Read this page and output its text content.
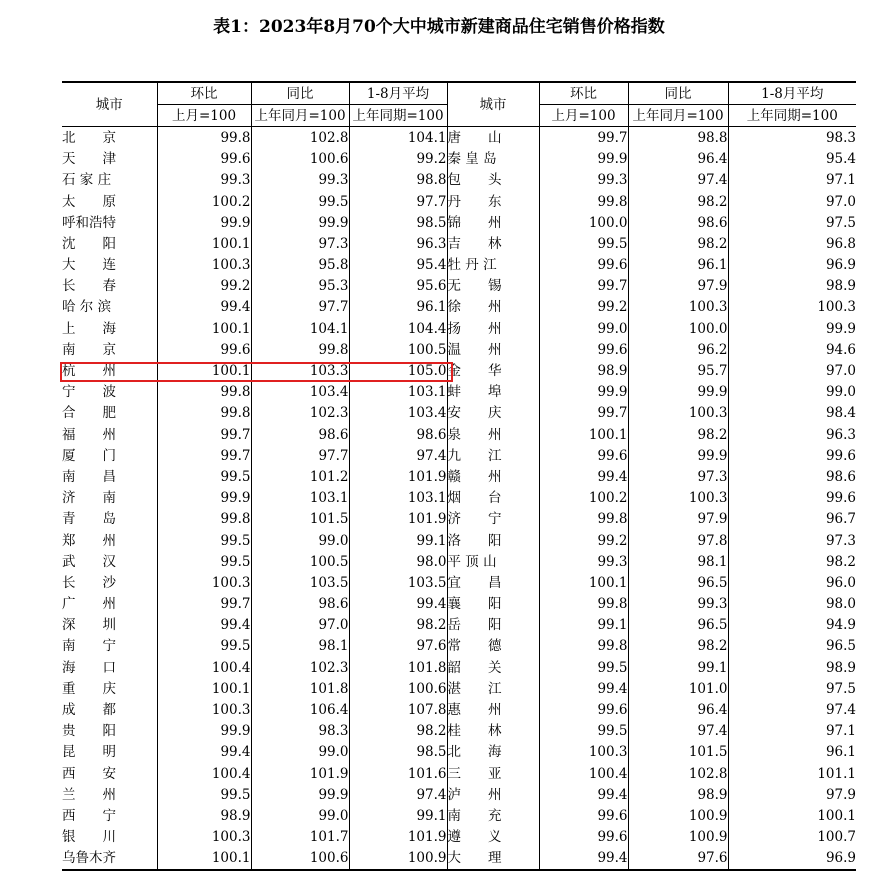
表1：2023年8月70个大中城市新建商品住宅销售价格指数
城市	环比	同比	1-8月平均	城市	环比	同比	1-8月平均
	上月=100	上年同月=100	上年同期=100		上月=100	上年同月=100	上年同期=100
北　　京	99.8	102.8	104.1	唐　　山	99.7	98.8	98.3
天　　津	99.6	100.6	99.2	秦 皇 岛	99.9	96.4	95.4
石 家 庄	99.3	99.3	98.8	包　　头	99.3	97.4	97.1
太　　原	100.2	99.5	97.7	丹　　东	99.8	98.2	97.0
呼和浩特	99.9	99.9	98.5	锦　　州	100.0	98.6	97.5
沈　　阳	100.1	97.3	96.3	吉　　林	99.5	98.2	96.8
大　　连	100.3	95.8	95.4	牡 丹 江	99.6	96.1	96.9
长　　春	99.2	95.3	95.6	无　　锡	99.7	97.9	98.9
哈 尔 滨	99.4	97.7	96.1	徐　　州	99.2	100.3	100.3
上　　海	100.1	104.1	104.4	扬　　州	99.0	100.0	99.9
南　　京	99.6	99.8	100.5	温　　州	99.6	96.2	94.6
杭　　州	100.1	103.3	105.0	金　　华	98.9	95.7	97.0
宁　　波	99.8	103.4	103.1	蚌　　埠	99.9	99.9	99.0
合　　肥	99.8	102.3	103.4	安　　庆	99.7	100.3	98.4
福　　州	99.7	98.6	98.6	泉　　州	100.1	98.2	96.3
厦　　门	99.7	97.7	97.4	九　　江	99.6	99.9	99.6
南　　昌	99.5	101.2	101.9	赣　　州	99.4	97.3	98.6
济　　南	99.9	103.1	103.1	烟　　台	100.2	100.3	99.6
青　　岛	99.8	101.5	101.9	济　　宁	99.8	97.9	96.7
郑　　州	99.5	99.0	99.1	洛　　阳	99.2	97.8	97.3
武　　汉	99.5	100.5	98.0	平 顶 山	99.3	98.1	98.2
长　　沙	100.3	103.5	103.5	宜　　昌	100.1	96.5	96.0
广　　州	99.7	98.6	99.4	襄　　阳	99.8	99.3	98.0
深　　圳	99.4	97.0	98.2	岳　　阳	99.1	96.5	94.9
南　　宁	99.5	98.1	97.6	常　　德	99.8	98.2	96.5
海　　口	100.4	102.3	101.8	韶　　关	99.5	99.1	98.9
重　　庆	100.1	101.8	100.6	湛　　江	99.4	101.0	97.5
成　　都	100.3	106.4	107.8	惠　　州	99.6	96.4	97.4
贵　　阳	99.9	98.3	98.2	桂　　林	99.5	97.4	97.1
昆　　明	99.4	99.0	98.5	北　　海	100.3	101.5	96.1
西　　安	100.4	101.9	101.6	三　　亚	100.4	102.8	101.1
兰　　州	99.5	99.9	97.4	泸　　州	99.4	98.9	97.9
西　　宁	98.9	99.0	99.1	南　　充	99.6	100.9	100.1
银　　川	100.3	101.7	101.9	遵　　义	99.6	100.9	100.7
乌鲁木齐	100.1	100.6	100.9	大　　理	99.4	97.6	96.9
